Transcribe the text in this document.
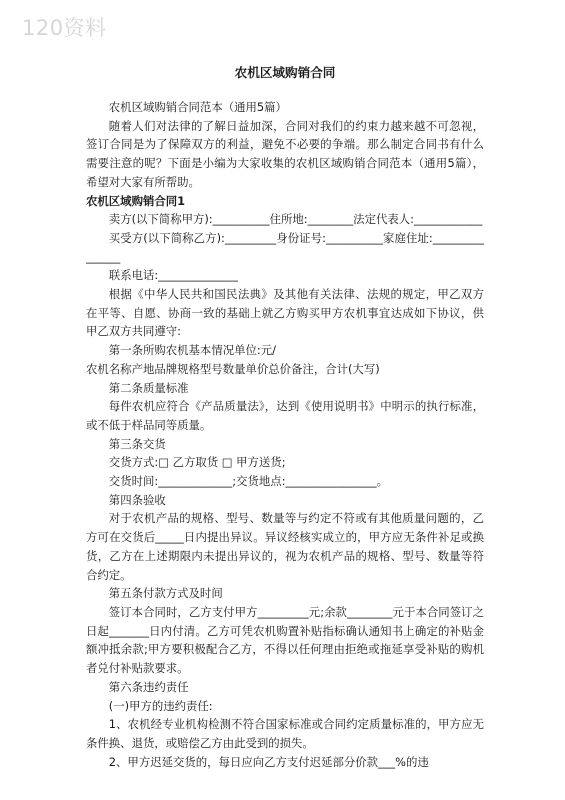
120资料
农机区域购销合同

农机区域购销合同范本（通用5篇）

随着人们对法律的了解日益加深，合同对我们的约束力越来越不可忽视，签订合同是为了保障双方的利益，避免不必要的争端。那么制定合同书有什么需要注意的呢？下面是小编为大家收集的农机区域购销合同范本（通用5篇），希望对大家有所帮助。

农机区域购销合同1

卖方(以下简称甲方):__________住所地:________法定代表人:____________

买受方(以下简称乙方):_________身份证号:__________家庭住址:_______________

联系电话:______________

根据《中华人民共和国民法典》及其他有关法律、法规的规定，甲乙双方在平等、自愿、协商一致的基础上就乙方购买甲方农机事宜达成如下协议，供甲乙双方共同遵守:

第一条所购农机基本情况单位:元/

农机名称产地品牌规格型号数量单价总价备注，合计(大写)

第二条质量标准

每件农机应符合《产品质量法》，达到《使用说明书》中明示的执行标准，或不低于样品同等质量。

第三条交货

交货方式:□ 乙方取货 □ 甲方送货;

交货时间:_____________;交货地点:________________。

第四条验收

对于农机产品的规格、型号、数量等与约定不符或有其他质量问题的，乙方可在交货后_____日内提出异议。异议经核实成立的，甲方应无条件补足或换货，乙方在上述期限内未提出异议的，视为农机产品的规格、型号、数量等符合约定。

第五条付款方式及时间

签订本合同时，乙方支付甲方_________元;余款________元于本合同签订之日起_______日内付清。乙方可凭农机购置补贴指标确认通知书上确定的补贴金额冲抵余款;甲方要积极配合乙方，不得以任何理由拒绝或拖延享受补贴的购机者兑付补贴款要求。

第六条违约责任

(一)甲方的违约责任:

1、农机经专业机构检测不符合国家标准或合同约定质量标准的，甲方应无条件换、退货，或赔偿乙方由此受到的损失。

2、甲方迟延交货的，每日应向乙方支付迟延部分价款___%的违
